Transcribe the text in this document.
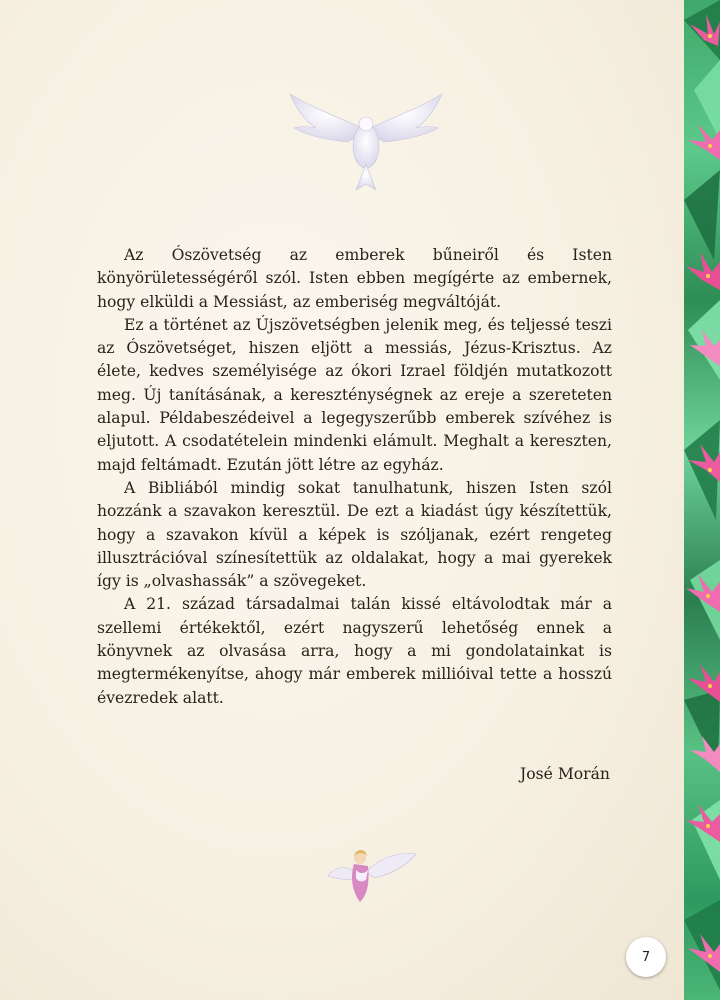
Az Ószövetség az emberek bűneiről és Isten könyörületességéről szól. Isten ebben megígérte az embernek, hogy elküldi a Messiást, az emberiség megváltóját.

Ez a történet az Újszövetségben jelenik meg, és teljessé teszi az Ószövetséget, hiszen eljött a messiás, Jézus-Krisztus. Az élete, kedves személyisége az ókori Izrael földjén mutatkozott meg. Új tanításának, a kereszténységnek az ereje a szereteten alapul. Példabeszédeivel a legegyszerűbb emberek szívéhez is eljutott. A csodatételein mindenki elámult. Meghalt a kereszten, majd feltámadt. Ezután jött létre az egyház.

A Bibliából mindig sokat tanulhatunk, hiszen Isten szól hozzánk a szavakon keresztül. De ezt a kiadást úgy készítettük, hogy a szavakon kívül a képek is szóljanak, ezért rengeteg illusztrációval színesítettük az oldalakat, hogy a mai gyerekek így is „olvashassák” a szövegeket.

A 21. század társadalmai talán kissé eltávolodtak már a szellemi értékektől, ezért nagyszerű lehetőség ennek a könyvnek az olvasása arra, hogy a mi gondolatainkat is megtermékenyítse, ahogy már emberek millióival tette a hosszú évezredek alatt.

José Morán
7
